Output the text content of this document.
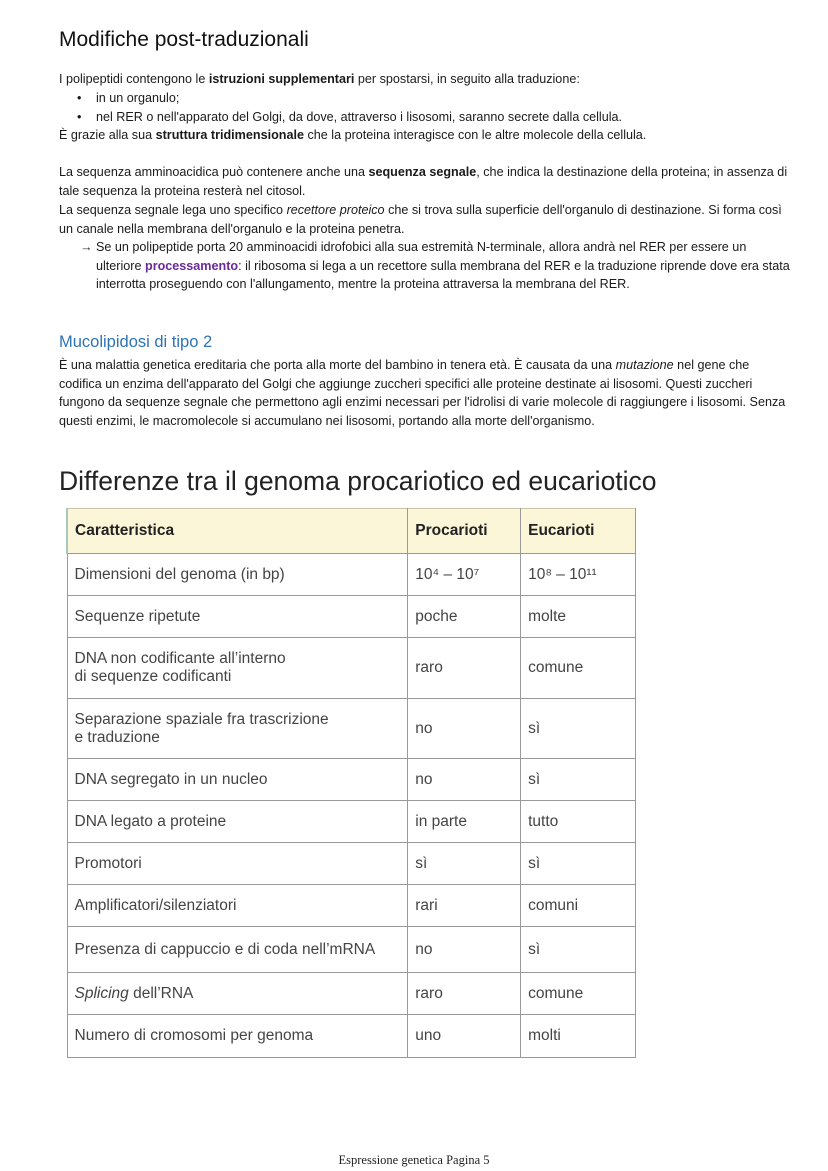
Modifiche post-traduzionali

I polipeptidi contengono le istruzioni supplementari per spostarsi, in seguito alla traduzione:

• in un organulo;
• nel RER o nell'apparato del Golgi, da dove, attraverso i lisosomi, saranno secrete dalla cellula.

È grazie alla sua struttura tridimensionale che la proteina interagisce con le altre molecole della cellula.

La sequenza amminoacidica può contenere anche una sequenza segnale, che indica la destinazione della proteina; in assenza di tale sequenza la proteina resterà nel citosol.

La sequenza segnale lega uno specifico recettore proteico che si trova sulla superficie dell'organulo di destinazione. Si forma così un canale nella membrana dell'organulo e la proteina penetra.

→ Se un polipeptide porta 20 amminoacidi idrofobici alla sua estremità N-terminale, allora andrà nel RER per essere un ulteriore processamento: il ribosoma si lega a un recettore sulla membrana del RER e la traduzione riprende dove era stata interrotta proseguendo con l'allungamento, mentre la proteina attraversa la membrana del RER.
Mucolipidosi di tipo 2

È una malattia genetica ereditaria che porta alla morte del bambino in tenera età. È causata da una mutazione nel gene che codifica un enzima dell'apparato del Golgi che aggiunge zuccheri specifici alle proteine destinate ai lisosomi. Questi zuccheri fungono da sequenze segnale che permettono agli enzimi necessari per l'idrolisi di varie molecole di raggiungere i lisosomi. Senza questi enzimi, le macromolecole si accumulano nei lisosomi, portando alla morte dell'organismo.

Differenze tra il genoma procariotico ed eucariotico
Caratteristica	Procarioti	Eucarioti
Dimensioni del genoma (in bp)	10⁴ – 10⁷	10⁸ – 10¹¹
Sequenze ripetute	poche	molte
DNA non codificante all’interno
di sequenze codificanti	raro	comune
Separazione spaziale fra trascrizione
e traduzione	no	sì
DNA segregato in un nucleo	no	sì
DNA legato a proteine	in parte	tutto
Promotori	sì	sì
Amplificatori/silenziatori	rari	comuni
Presenza di cappuccio e di coda nell’mRNA	no	sì
Splicing dell’RNA	raro	comune
Numero di cromosomi per genoma	uno	molti
Espressione genetica Pagina 5
